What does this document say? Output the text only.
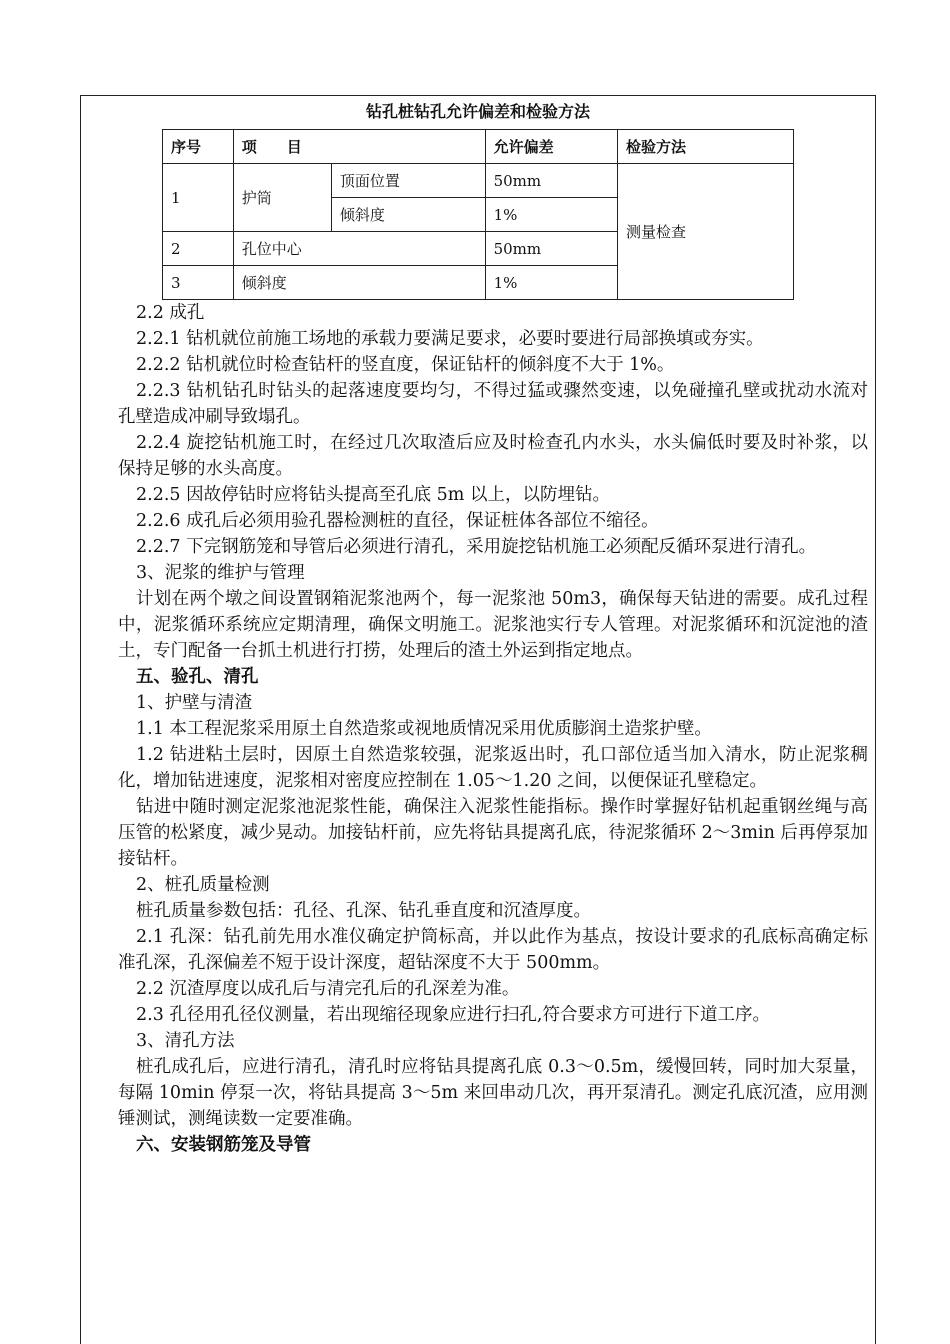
钻孔桩钻孔允许偏差和检验方法
序号	项　　目		允许偏差	检验方法
1	护筒	顶面位置	50mm	测量检查
		倾斜度	1%	
2	孔位中心		50mm	
3	倾斜度		1%	

2.2 成孔

2.2.1 钻机就位前施工场地的承载力要满足要求，必要时要进行局部换填或夯实。

2.2.2 钻机就位时检查钻杆的竖直度，保证钻杆的倾斜度不大于 1%。

2.2.3 钻机钻孔时钻头的起落速度要均匀，不得过猛或骤然变速，以免碰撞孔壁或扰动水流对孔壁造成冲刷导致塌孔。

2.2.4 旋挖钻机施工时，在经过几次取渣后应及时检查孔内水头，水头偏低时要及时补浆，以保持足够的水头高度。

2.2.5 因故停钻时应将钻头提高至孔底 5m 以上，以防埋钻。

2.2.6 成孔后必须用验孔器检测桩的直径，保证桩体各部位不缩径。

2.2.7 下完钢筋笼和导管后必须进行清孔，采用旋挖钻机施工必须配反循环泵进行清孔。

3、泥浆的维护与管理

计划在两个墩之间设置钢箱泥浆池两个，每一泥浆池 50m3，确保每天钻进的需要。成孔过程中，泥浆循环系统应定期清理，确保文明施工。泥浆池实行专人管理。对泥浆循环和沉淀池的渣土，专门配备一台抓土机进行打捞，处理后的渣土外运到指定地点。

五、验孔、清孔

1、护壁与清渣

1.1 本工程泥浆采用原土自然造浆或视地质情况采用优质膨润土造浆护壁。

1.2 钻进粘土层时，因原土自然造浆较强，泥浆返出时，孔口部位适当加入清水，防止泥浆稠化，增加钻进速度，泥浆相对密度应控制在 1.05～1.20 之间，以便保证孔壁稳定。

钻进中随时测定泥浆池泥浆性能，确保注入泥浆性能指标。操作时掌握好钻机起重钢丝绳与高压管的松紧度，减少晃动。加接钻杆前，应先将钻具提离孔底，待泥浆循环 2～3min 后再停泵加接钻杆。

2、桩孔质量检测

桩孔质量参数包括：孔径、孔深、钻孔垂直度和沉渣厚度。

2.1 孔深：钻孔前先用水准仪确定护筒标高，并以此作为基点，按设计要求的孔底标高确定标准孔深，孔深偏差不短于设计深度，超钻深度不大于 500mm。

2.2 沉渣厚度以成孔后与清完孔后的孔深差为准。

2.3 孔径用孔径仪测量，若出现缩径现象应进行扫孔,符合要求方可进行下道工序。

3、清孔方法

桩孔成孔后，应进行清孔，清孔时应将钻具提离孔底 0.3～0.5m，缓慢回转，同时加大泵量，每隔 10min 停泵一次，将钻具提高 3～5m 来回串动几次，再开泵清孔。测定孔底沉渣，应用测锤测试，测绳读数一定要准确。

六、安装钢筋笼及导管
